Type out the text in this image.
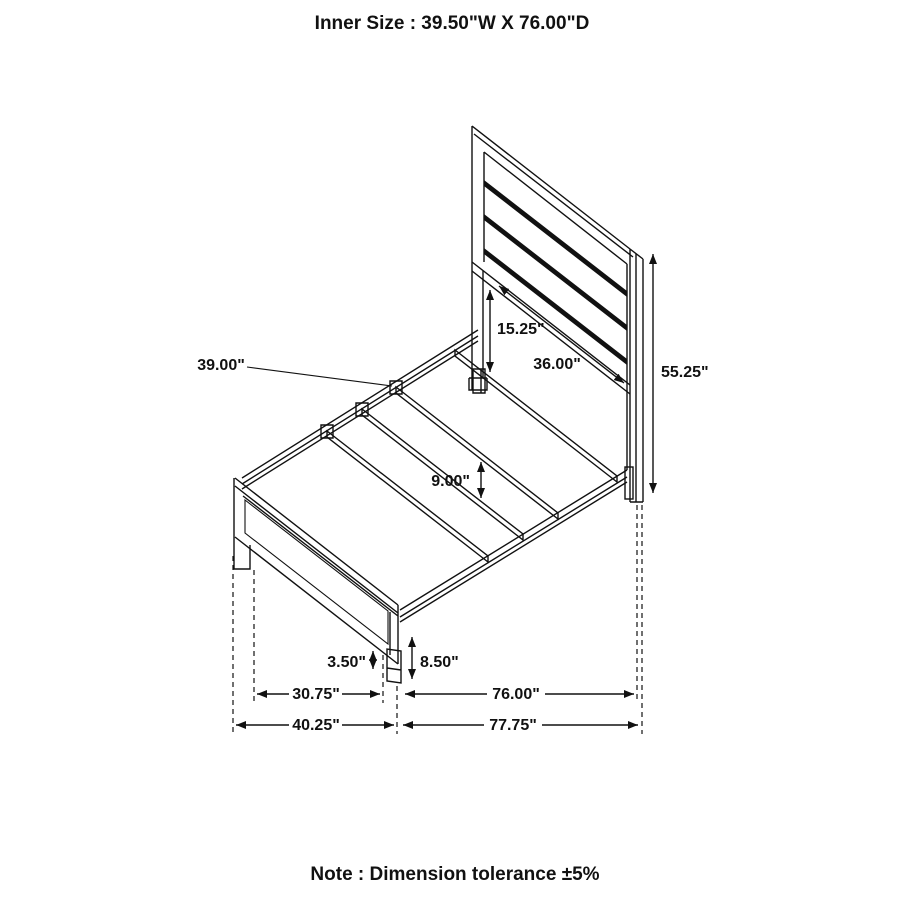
Inner Size : 39.50"W X 76.00"D
55.25"
15.25"
36.00"
39.00"
9.00"
3.50"	8.50"
30.75"	76.00"
40.25"	77.75"
Note : Dimension tolerance ±5%
